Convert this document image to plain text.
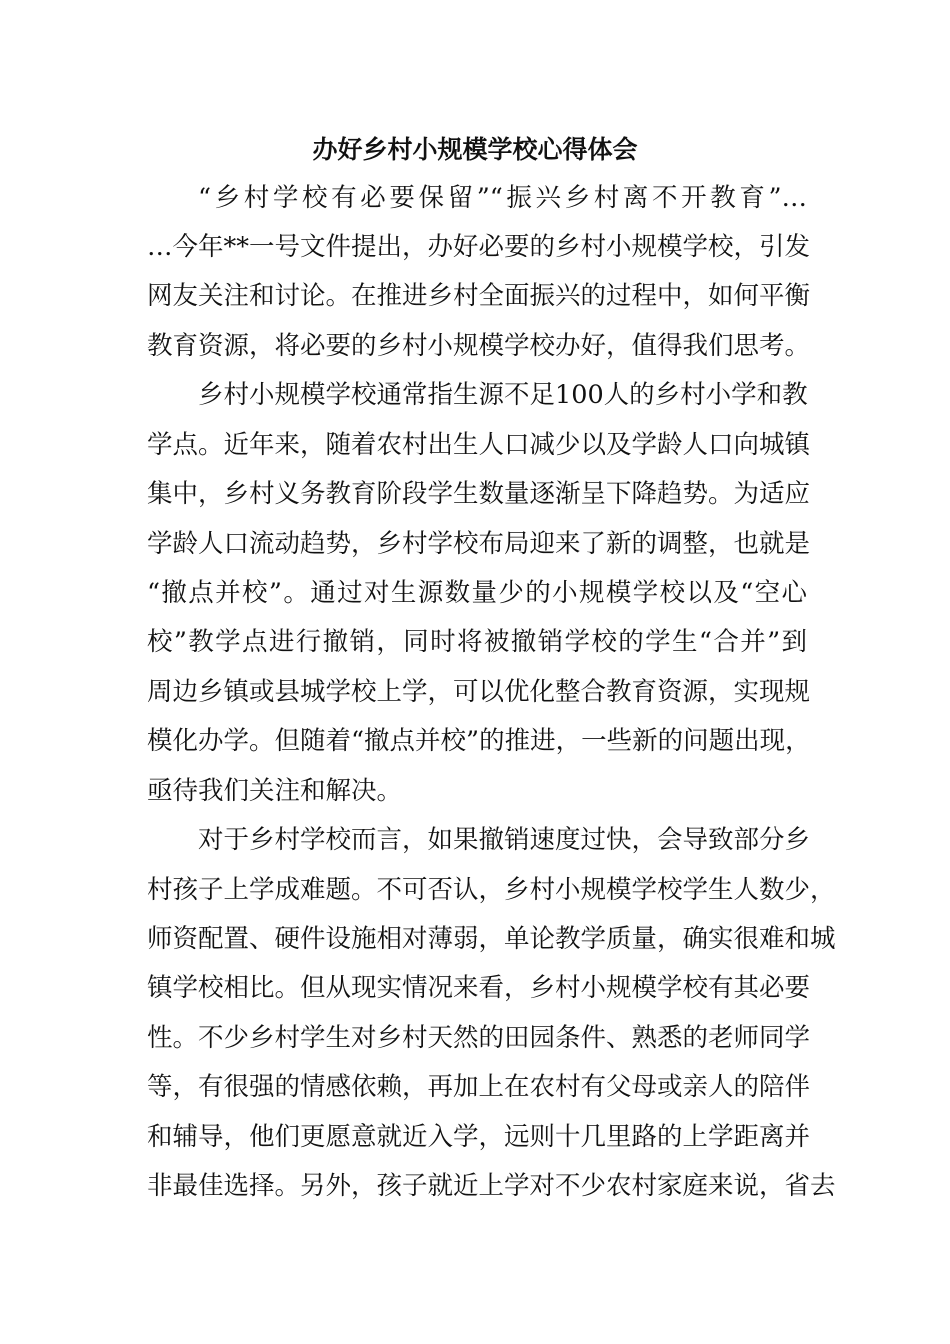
办好乡村小规模学校心得体会
“乡村学校有必要保留”“振兴乡村离不开教育”…
…今年**一号文件提出，办好必要的乡村小规模学校，引发
网友关注和讨论。在推进乡村全面振兴的过程中，如何平衡
教育资源，将必要的乡村小规模学校办好，值得我们思考。
乡村小规模学校通常指生源不足100人的乡村小学和教
学点。近年来，随着农村出生人口减少以及学龄人口向城镇
集中，乡村义务教育阶段学生数量逐渐呈下降趋势。为适应
学龄人口流动趋势，乡村学校布局迎来了新的调整，也就是
“撤点并校”。通过对生源数量少的小规模学校以及“空心
校”教学点进行撤销，同时将被撤销学校的学生“合并”到
周边乡镇或县城学校上学，可以优化整合教育资源，实现规
模化办学。但随着“撤点并校”的推进，一些新的问题出现，
亟待我们关注和解决。
对于乡村学校而言，如果撤销速度过快，会导致部分乡
村孩子上学成难题。不可否认，乡村小规模学校学生人数少，
师资配置、硬件设施相对薄弱，单论教学质量，确实很难和城
镇学校相比。但从现实情况来看，乡村小规模学校有其必要
性。不少乡村学生对乡村天然的田园条件、熟悉的老师同学
等，有很强的情感依赖，再加上在农村有父母或亲人的陪伴
和辅导，他们更愿意就近入学，远则十几里路的上学距离并
非最佳选择。另外，孩子就近上学对不少农村家庭来说，省去
